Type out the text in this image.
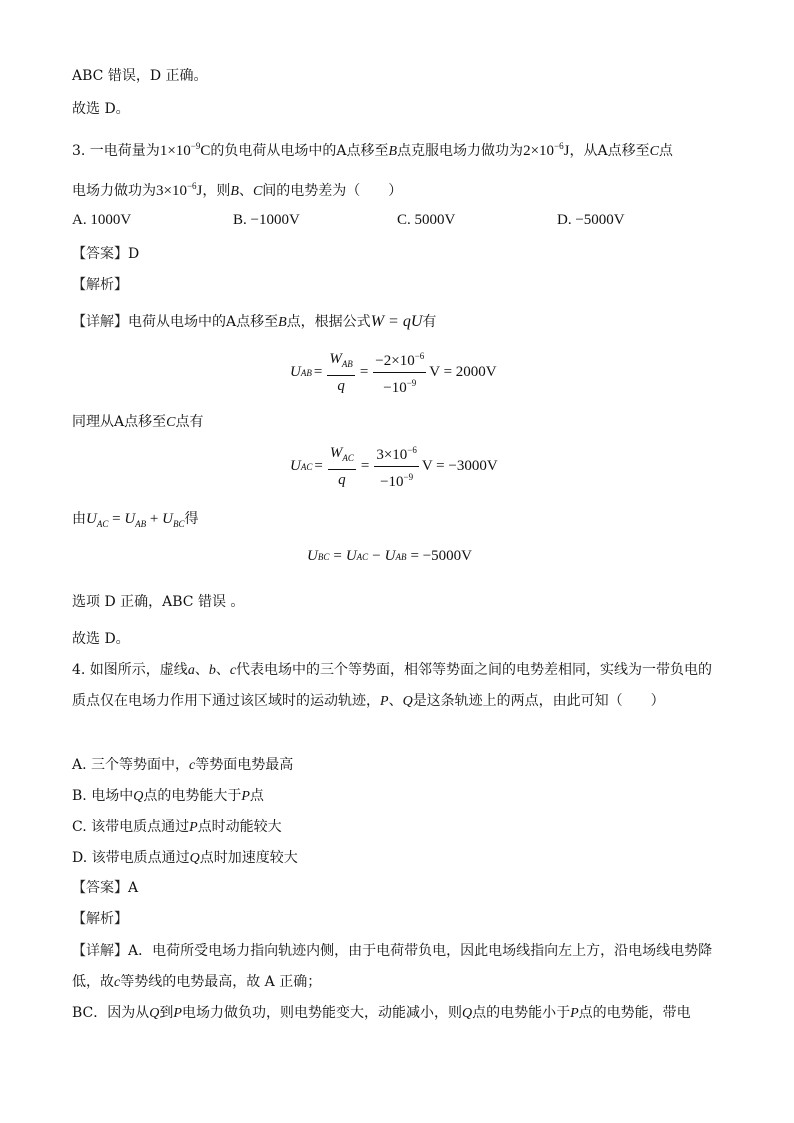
ABC 错误，D 正确。
故选 D。
3. 一电荷量为$1\times 10^{-9}C$的负电荷从电场中的A点移至B点克服电场力做功为$2\times 10^{-6}J$，从A点移至C点
电场力做功为$3\times 10^{-6}J$，则B、C间的电势差为（　　）
A. 1000V	B. −1000V	C. 5000V	D. −5000V
【答案】D
【解析】
【详解】电荷从电场中的A点移至B点，根据公式W = qU有
U AB = $\frac{W_{AB}}{q} = \frac{-2\times 10^{-6}}{-10^{-9}}$ V = 2000V
同理从A点移至C点有
U AC = $\frac{W_{AC}}{q} = \frac{3\times 10^{-6}}{-10^{-9}}$ V = −3000V
由$U_{AC} = U_{AB} + U_{BC}$得
U BC = U AC − U AB = −5000V
选项 D 正确，ABC 错误 。
故选 D。
4. 如图所示，虚线a、b、c代表电场中的三个等势面，相邻等势面之间的电势差相同，实线为一带负电的
质点仅在电场力作用下通过该区域时的运动轨迹，P、Q是这条轨迹上的两点，由此可知（　　）
A. 三个等势面中，c等势面电势最高
B. 电场中Q点的电势能大于P点
C. 该带电质点通过P点时动能较大
D. 该带电质点通过Q点时加速度较大
【答案】A
【解析】
【详解】A．电荷所受电场力指向轨迹内侧，由于电荷带负电，因此电场线指向左上方，沿电场线电势降
低，故c等势线的电势最高，故 A 正确；
BC．因为从Q到P电场力做负功，则电势能变大，动能减小，则Q点的电势能小于P点的电势能，带电
